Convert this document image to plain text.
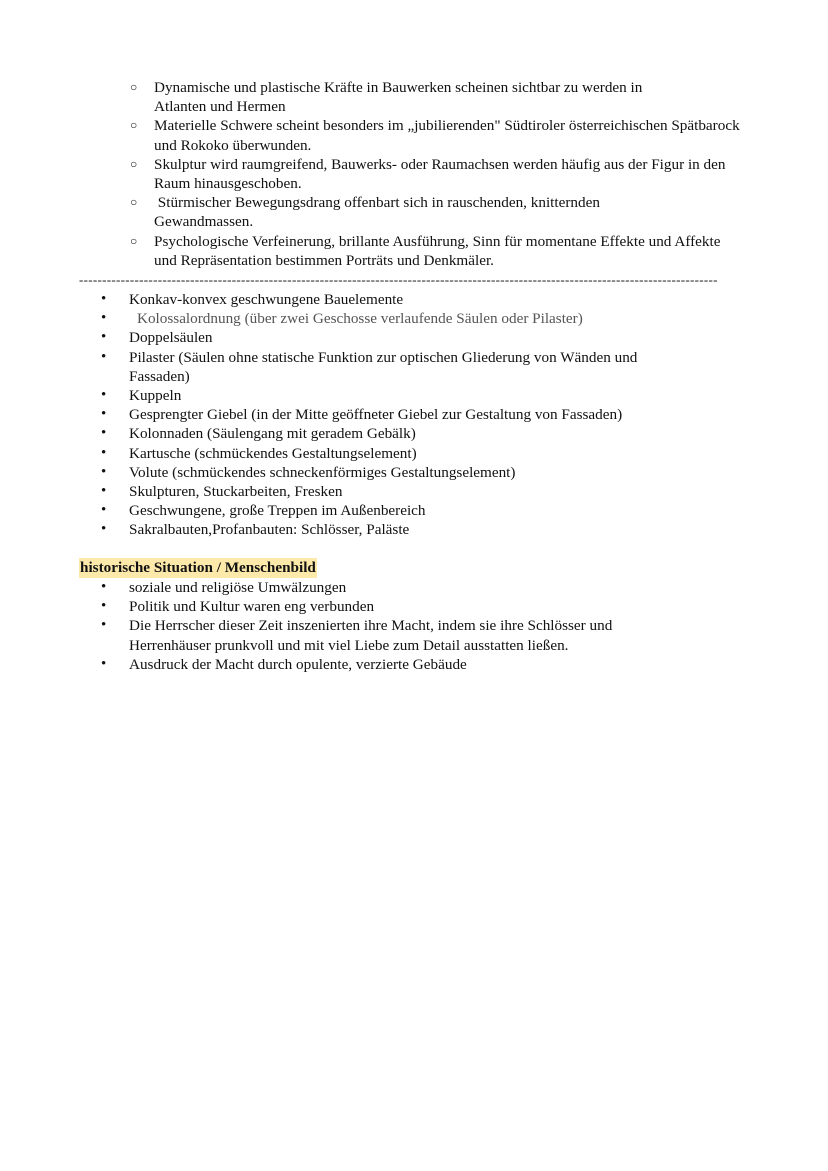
○ Dynamische und plastische Kräfte in Bauwerken scheinen sichtbar zu werden in Atlanten und Hermen
○ Materielle Schwere scheint besonders im „jubilierenden" Südtiroler österreichischen Spätbarock und Rokoko überwunden.
○ Skulptur wird raumgreifend, Bauwerks- oder Raumachsen werden häufig aus der Figur in den Raum hinausgeschoben.
○ Stürmischer Bewegungsdrang offenbart sich in rauschenden, knitternden Gewandmassen.
○ Psychologische Verfeinerung, brillante Ausführung, Sinn für momentane Effekte und Affekte und Repräsentation bestimmen Porträts und Denkmäler.
------------------------------------------------------------------------------------------------------------------------------------------
• Konkav-konvex geschwungene Bauelemente
•	Kolossalordnung (über zwei Geschosse verlaufende Säulen oder Pilaster)
• Doppelsäulen
• Pilaster (Säulen ohne statische Funktion zur optischen Gliederung von Wänden und Fassaden)
• Kuppeln
• Gesprengter Giebel (in der Mitte geöffneter Giebel zur Gestaltung von Fassaden)
• Kolonnaden (Säulengang mit geradem Gebälk)
• Kartusche (schmückendes Gestaltungselement)
• Volute (schmückendes schneckenförmiges Gestaltungselement)
• Skulpturen, Stuckarbeiten, Fresken
• Geschwungene, große Treppen im Außenbereich
• Sakralbauten,Profanbauten: Schlösser, Paläste
historische Situation / Menschenbild
• soziale und religiöse Umwälzungen
• Politik und Kultur waren eng verbunden
• Die Herrscher dieser Zeit inszenierten ihre Macht, indem sie ihre Schlösser und Herrenhäuser prunkvoll und mit viel Liebe zum Detail ausstatten ließen.
• Ausdruck der Macht durch opulente, verzierte Gebäude
